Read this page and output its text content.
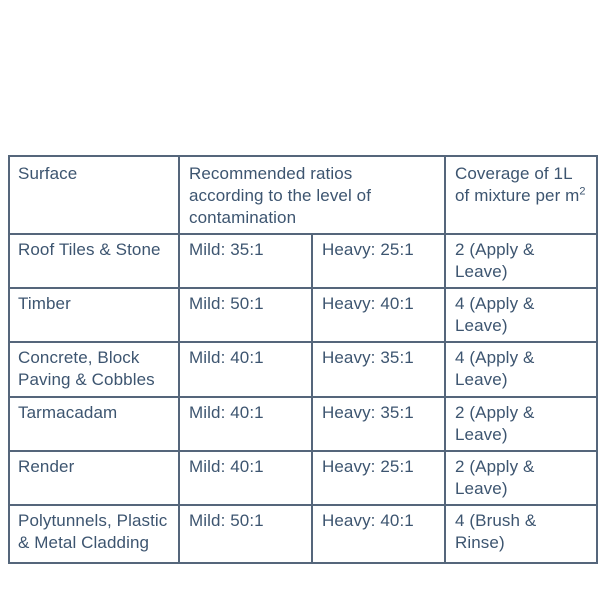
Surface	Recommended ratios according to the level of contamination		Coverage of 1L
of mixture per $m^2$
Roof Tiles & Stone	Mild: 35:1	Heavy: 25:1	2 (Apply & Leave)
Timber	Mild: 50:1	Heavy: 40:1	4 (Apply & Leave)
Concrete, Block Paving & Cobbles	Mild: 40:1	Heavy: 35:1	4 (Apply & Leave)
Tarmacadam	Mild: 40:1	Heavy: 35:1	2 (Apply & Leave)
Render	Mild: 40:1	Heavy: 25:1	2 (Apply & Leave)
Polytunnels, Plastic & Metal Cladding	Mild: 50:1	Heavy: 40:1	4 (Brush & Rinse)
